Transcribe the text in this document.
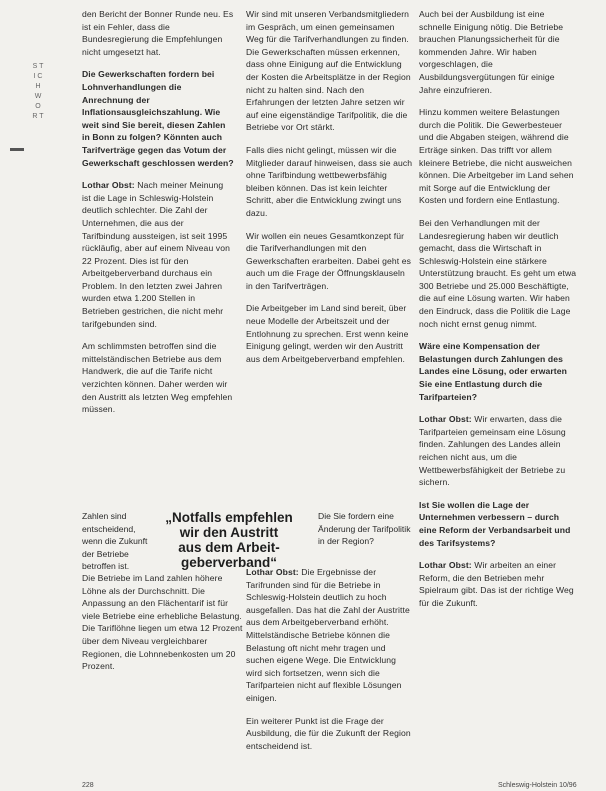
S T I C H W O R T

den Bericht der Bonner Runde neu. Es ist ein Fehler, dass die Bundesregierung die Empfehlungen nicht umgesetzt hat.

Die Gewerkschaften fordern bei Lohnverhandlungen die Anrechnung der Inflationsausgleichszahlung. Wie weit sind Sie bereit, diesen Zahlen in Bonn zu folgen? Könnten auch Tarifverträge gegen das Votum der Gewerkschaft geschlossen werden?

Lothar Obst: Nach meiner Meinung ist die Lage in Schleswig-Holstein deutlich schlechter. Die Zahl der Unternehmen, die aus der Tarifbindung aussteigen, ist seit 1995 rückläufig, aber auf einem Niveau von 22 Prozent. Dies ist für den Arbeitgeberverband durchaus ein Problem. In den letzten zwei Jahren wurden etwa 1.200 Stellen in Betrieben gestrichen, die nicht mehr tarifgebunden sind.

Am schlimmsten betroffen sind die mittelständischen Betriebe aus dem Handwerk, die auf die Tarife nicht verzichten können. Daher werden wir den Austritt als letzten Weg empfehlen müssen.

Zahlen sind entscheidend, wenn die Zukunft der Betriebe betroffen ist.
„Notfalls empfehlen
wir den Austritt
aus dem Arbeit-
geberverband“
Die Sie fordern eine Änderung der Tarifpolitik in der Region?

Die Betriebe im Land zahlen höhere Löhne als der Durchschnitt. Die Anpassung an den Flächentarif ist für viele Betriebe eine erhebliche Belastung. Die Tariflöhne liegen um etwa 12 Prozent über dem Niveau vergleichbarer Regionen, die Lohnnebenkosten um 20 Prozent.

Wir sind mit unseren Verbandsmitgliedern im Gespräch, um einen gemeinsamen Weg für die Tarifverhandlungen zu finden. Die Gewerkschaften müssen erkennen, dass ohne Einigung auf die Entwicklung der Kosten die Arbeitsplätze in der Region nicht zu halten sind. Nach den Erfahrungen der letzten Jahre setzen wir auf eine eigenständige Tarifpolitik, die die Betriebe vor Ort stärkt.

Falls dies nicht gelingt, müssen wir die Mitglieder darauf hinweisen, dass sie auch ohne Tarifbindung wettbewerbsfähig bleiben können. Das ist kein leichter Schritt, aber die Entwicklung zwingt uns dazu.

Wir wollen ein neues Gesamtkonzept für die Tarifverhandlungen mit den Gewerkschaften erarbeiten. Dabei geht es auch um die Frage der Öffnungsklauseln in den Tarifverträgen.

Die Arbeitgeber im Land sind bereit, über neue Modelle der Arbeitszeit und der Entlohnung zu sprechen. Erst wenn keine Einigung gelingt, werden wir den Austritt aus dem Arbeitgeberverband empfehlen.

Lothar Obst: Die Ergebnisse der Tarifrunden sind für die Betriebe in Schleswig-Holstein deutlich zu hoch ausgefallen. Das hat die Zahl der Austritte aus dem Arbeitgeberverband erhöht. Mittelständische Betriebe können die Belastung oft nicht mehr tragen und suchen eigene Wege. Die Entwicklung wird sich fortsetzen, wenn sich die Tarifparteien nicht auf flexible Lösungen einigen.

Ein weiterer Punkt ist die Frage der Ausbildung, die für die Zukunft der Region entscheidend ist.

Auch bei der Ausbildung ist eine schnelle Einigung nötig. Die Betriebe brauchen Planungssicherheit für die kommenden Jahre. Wir haben vorgeschlagen, die Ausbildungsvergütungen für einige Jahre einzufrieren.

Hinzu kommen weitere Belastungen durch die Politik. Die Gewerbesteuer und die Abgaben steigen, während die Erträge sinken. Das trifft vor allem kleinere Betriebe, die nicht ausweichen können. Die Arbeitgeber im Land sehen mit Sorge auf die Entwicklung der Kosten und fordern eine Entlastung.

Bei den Verhandlungen mit der Landesregierung haben wir deutlich gemacht, dass die Wirtschaft in Schleswig-Holstein eine stärkere Unterstützung braucht. Es geht um etwa 300 Betriebe und 25.000 Beschäftigte, die auf eine Lösung warten. Wir haben den Eindruck, dass die Politik die Lage noch nicht ernst genug nimmt.

Wäre eine Kompensation der Belastungen durch Zahlungen des Landes eine Lösung, oder erwarten Sie eine Entlastung durch die Tarifparteien?

Lothar Obst: Wir erwarten, dass die Tarifparteien gemeinsam eine Lösung finden. Zahlungen des Landes allein reichen nicht aus, um die Wettbewerbsfähigkeit der Betriebe zu sichern.

Ist Sie wollen die Lage der Unternehmen verbessern – durch eine Reform der Verbandsarbeit und des Tarifsystems?

Lothar Obst: Wir arbeiten an einer Reform, die den Betrieben mehr Spielraum gibt. Das ist der richtige Weg für die Zukunft.

228	Schleswig-Holstein 10/96
